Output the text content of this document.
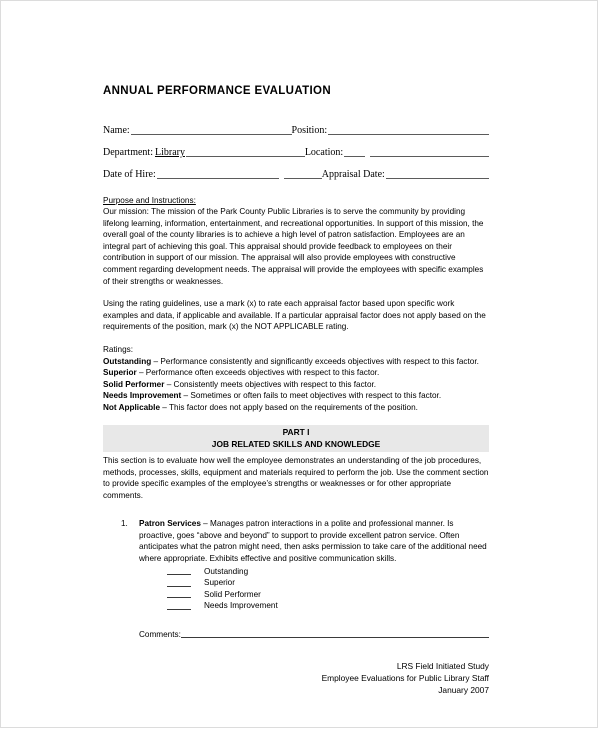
ANNUAL PERFORMANCE EVALUATION
Name:	Position:
Department: Library	Location:
Date of Hire:	Appraisal Date:
Purpose and Instructions:

Our mission: The mission of the Park County Public Libraries is to serve the community by providing lifelong learning, information, entertainment, and recreational opportunities. In support of this mission, the overall goal of the county libraries is to achieve a high level of patron satisfaction. Employees are an integral part of achieving this goal. This appraisal should provide feedback to employees on their contribution in support of our mission. The appraisal will also provide employees with constructive comment regarding development needs. The appraisal will provide the employees with specific examples of their strengths or weaknesses.

Using the rating guidelines, use a mark (x) to rate each appraisal factor based upon specific work examples and data, if applicable and available. If a particular appraisal factor does not apply based on the requirements of the position, mark (x) the NOT APPLICABLE rating.

Ratings:
Outstanding – Performance consistently and significantly exceeds objectives with respect to this factor.
Superior – Performance often exceeds objectives with respect to this factor.
Solid Performer – Consistently meets objectives with respect to this factor.
Needs Improvement – Sometimes or often fails to meet objectives with respect to this factor.
Not Applicable – This factor does not apply based on the requirements of the position.
PART I
JOB RELATED SKILLS AND KNOWLEDGE

This section is to evaluate how well the employee demonstrates an understanding of the job procedures, methods, processes, skills, equipment and materials required to perform the job. Use the comment section to provide specific examples of the employee’s strengths or weaknesses or for other appropriate comments.

1. Patron Services – Manages patron interactions in a polite and professional manner. Is proactive, goes “above and beyond” to support to provide excellent patron service. Often anticipates what the patron might need, then asks permission to take care of the additional need where appropriate. Exhibits effective and positive communication skills.
Outstanding
Superior
Solid Performer
Needs Improvement
Comments:
LRS Field Initiated Study
Employee Evaluations for Public Library Staff
January 2007
